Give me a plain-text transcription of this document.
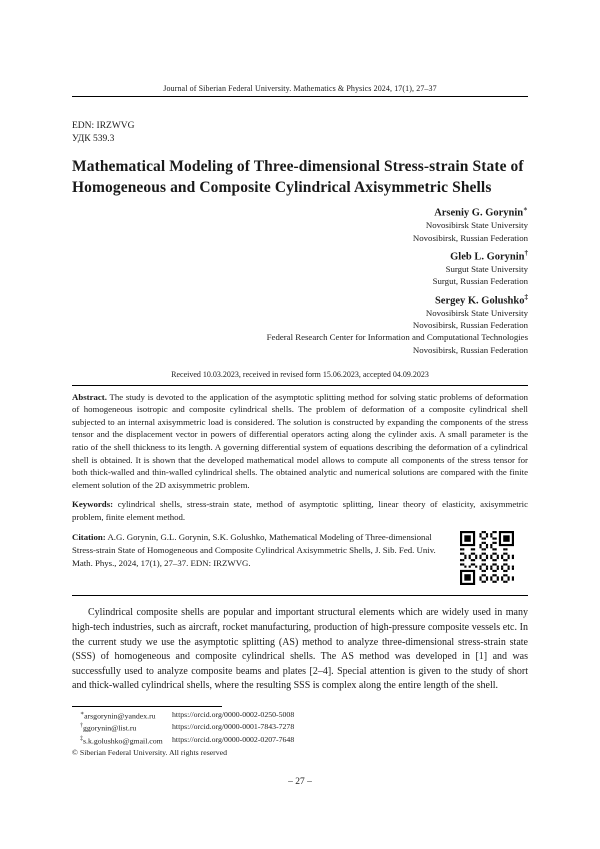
Journal of Siberian Federal University. Mathematics & Physics 2024, 17(1), 27–37
EDN: IRZWVG
УДК 539.3
Mathematical Modeling of Three-dimensional Stress-strain State of Homogeneous and Composite Cylindrical Axisymmetric Shells
Arseniy G. Gorynin∗
Novosibirsk State University
Novosibirsk, Russian Federation
Gleb L. Gorynin†
Surgut State University
Surgut, Russian Federation
Sergey K. Golushko‡
Novosibirsk State University
Novosibirsk, Russian Federation
Federal Research Center for Information and Computational Technologies
Novosibirsk, Russian Federation
Received 10.03.2023, received in revised form 15.06.2023, accepted 04.09.2023
Abstract. The study is devoted to the application of the asymptotic splitting method for solving static problems of deformation of homogeneous isotropic and composite cylindrical shells. The problem of deformation of a composite cylindrical shell subjected to an internal axisymmetric load is considered. The solution is constructed by expanding the components of the stress tensor and the displacement vector in powers of differential operators acting along the cylinder axis. A small parameter is the ratio of the shell thickness to its length. A governing differential system of equations describing the deformation of a cylindrical shell is obtained. It is shown that the developed mathematical model allows to compute all components of the stress tensor for both thick-walled and thin-walled cylindrical shells. The obtained analytic and numerical solutions are compared with the finite element solution of the 2D axisymmetric problem.
Keywords: cylindrical shells, stress-strain state, method of asymptotic splitting, linear theory of elasticity, axisymmetric problem, finite element method.
Citation: A.G. Gorynin, G.L. Gorynin, S.K. Golushko, Mathematical Modeling of Three-dimensional Stress-strain State of Homogeneous and Composite Cylindrical Axisymmetric Shells, J. Sib. Fed. Univ. Math. Phys., 2024, 17(1), 27–37. EDN: IRZWVG.
Cylindrical composite shells are popular and important structural elements which are widely used in many high-tech industries, such as aircraft, rocket manufacturing, production of high-pressure composite vessels etc. In the current study we use the asymptotic splitting (AS) method to analyze three-dimensional stress-strain state (SSS) of homogeneous and composite cylindrical shells. The AS method was developed in [1] and was successfully used to analyze composite beams and plates [2–4]. Special attention is given to the study of short and thick-walled cylindrical shells, where the resulting SSS is complex along the entire length of the shell.
∗arsgorynin@yandex.ru	https://orcid.org/0000-0002-0250-5008
†ggorynin@list.ru	https://orcid.org/0000-0001-7843-7278
‡s.k.golushko@gmail.com	https://orcid.org/0000-0002-0207-7648
© Siberian Federal University. All rights reserved
– 27 –
